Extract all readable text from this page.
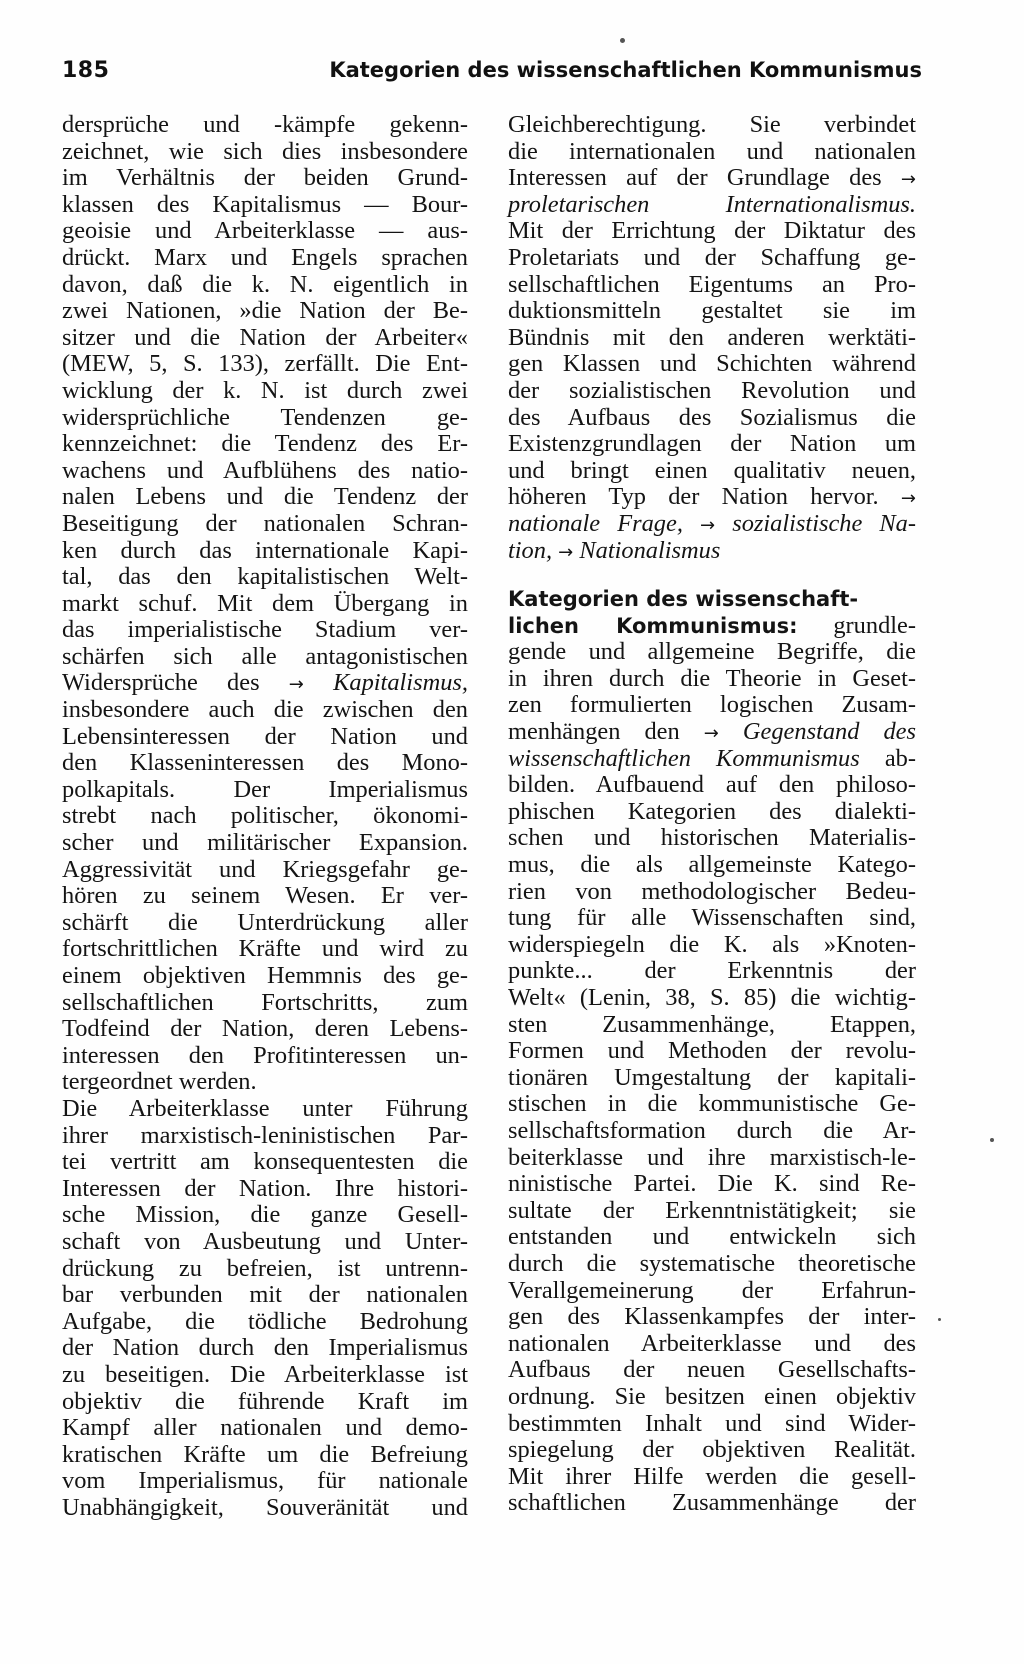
185	Kategorien des wissenschaftlichen Kommunismus
dersprüche und -kämpfe gekenn-
zeichnet, wie sich dies insbesondere
im Verhältnis der beiden Grund-
klassen des Kapitalismus — Bour-
geoisie und Arbeiterklasse — aus-
drückt. Marx und Engels sprachen
davon, daß die k. N. eigentlich in
zwei Nationen, »die Nation der Be-
sitzer und die Nation der Arbeiter«
(MEW, 5, S. 133), zerfällt. Die Ent-
wicklung der k. N. ist durch zwei
widersprüchliche Tendenzen ge-
kennzeichnet: die Tendenz des Er-
wachens und Aufblühens des natio-
nalen Lebens und die Tendenz der
Beseitigung der nationalen Schran-
ken durch das internationale Kapi-
tal, das den kapitalistischen Welt-
markt schuf. Mit dem Übergang in
das imperialistische Stadium ver-
schärfen sich alle antagonistischen
Widersprüche des → Kapitalismus,
insbesondere auch die zwischen den
Lebensinteressen der Nation und
den Klasseninteressen des Mono-
polkapitals. Der Imperialismus
strebt nach politischer, ökonomi-
scher und militärischer Expansion.
Aggressivität und Kriegsgefahr ge-
hören zu seinem Wesen. Er ver-
schärft die Unterdrückung aller
fortschrittlichen Kräfte und wird zu
einem objektiven Hemmnis des ge-
sellschaftlichen Fortschritts, zum
Todfeind der Nation, deren Lebens-
interessen den Profitinteressen un-
tergeordnet werden.
Die Arbeiterklasse unter Führung
ihrer marxistisch-leninistischen Par-
tei vertritt am konsequentesten die
Interessen der Nation. Ihre histori-
sche Mission, die ganze Gesell-
schaft von Ausbeutung und Unter-
drückung zu befreien, ist untrenn-
bar verbunden mit der nationalen
Aufgabe, die tödliche Bedrohung
der Nation durch den Imperialismus
zu beseitigen. Die Arbeiterklasse ist
objektiv die führende Kraft im
Kampf aller nationalen und demo-
kratischen Kräfte um die Befreiung
vom Imperialismus, für nationale
Unabhängigkeit, Souveränität und
Gleichberechtigung. Sie verbindet
die internationalen und nationalen
Interessen auf der Grundlage des →
proletarischen Internationalismus.
Mit der Errichtung der Diktatur des
Proletariats und der Schaffung ge-
sellschaftlichen Eigentums an Pro-
duktionsmitteln gestaltet sie im
Bündnis mit den anderen werktäti-
gen Klassen und Schichten während
der sozialistischen Revolution und
des Aufbaus des Sozialismus die
Existenzgrundlagen der Nation um
und bringt einen qualitativ neuen,
höheren Typ der Nation hervor. →
nationale Frage, → sozialistische Na-
tion, → Nationalismus
Kategorien des wissenschaft-
lichen Kommunismus: grundle-
gende und allgemeine Begriffe, die
in ihren durch die Theorie in Geset-
zen formulierten logischen Zusam-
menhängen den → Gegenstand des
wissenschaftlichen Kommunismus ab-
bilden. Aufbauend auf den philoso-
phischen Kategorien des dialekti-
schen und historischen Materialis-
mus, die als allgemeinste Katego-
rien von methodologischer Bedeu-
tung für alle Wissenschaften sind,
widerspiegeln die K. als »Knoten-
punkte... der Erkenntnis der
Welt« (Lenin, 38, S. 85) die wichtig-
sten Zusammenhänge, Etappen,
Formen und Methoden der revolu-
tionären Umgestaltung der kapitali-
stischen in die kommunistische Ge-
sellschaftsformation durch die Ar-
beiterklasse und ihre marxistisch-le-
ninistische Partei. Die K. sind Re-
sultate der Erkenntnistätigkeit; sie
entstanden und entwickeln sich
durch die systematische theoretische
Verallgemeinerung der Erfahrun-
gen des Klassenkampfes der inter-
nationalen Arbeiterklasse und des
Aufbaus der neuen Gesellschafts-
ordnung. Sie besitzen einen objektiv
bestimmten Inhalt und sind Wider-
spiegelung der objektiven Realität.
Mit ihrer Hilfe werden die gesell-
schaftlichen Zusammenhänge der
